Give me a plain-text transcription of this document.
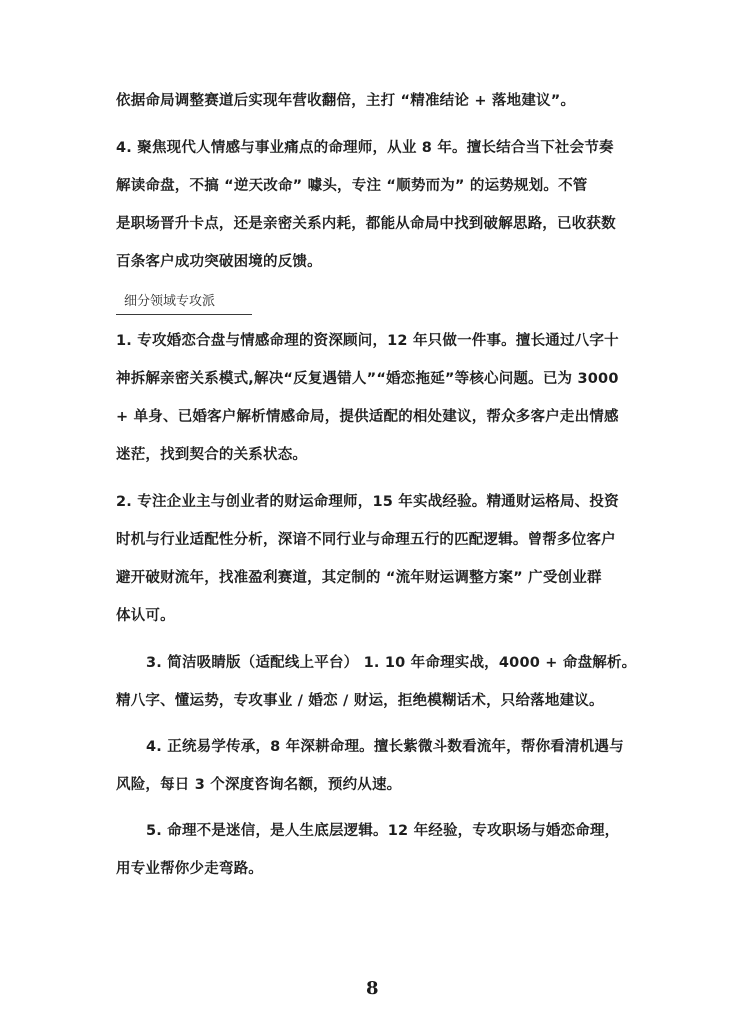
依据命局调整赛道后实现年营收翻倍，主打 “精准结论 + 落地建议”。
4. 聚焦现代人情感与事业痛点的命理师，从业 8 年。擅长结合当下社会节奏
解读命盘，不搞 “逆天改命” 噱头，专注 “顺势而为” 的运势规划。不管
是职场晋升卡点，还是亲密关系内耗，都能从命局中找到破解思路，已收获数
百条客户成功突破困境的反馈。
细分领域专攻派
1. 专攻婚恋合盘与情感命理的资深顾问，12 年只做一件事。擅长通过八字十
神拆解亲密关系模式,解决“反复遇错人”“婚恋拖延”等核心问题。已为 3000
+ 单身、已婚客户解析情感命局，提供适配的相处建议，帮众多客户走出情感
迷茫，找到契合的关系状态。
2. 专注企业主与创业者的财运命理师，15 年实战经验。精通财运格局、投资
时机与行业适配性分析，深谙不同行业与命理五行的匹配逻辑。曾帮多位客户
避开破财流年，找准盈利赛道，其定制的 “流年财运调整方案” 广受创业群
体认可。
3. 简洁吸睛版（适配线上平台） 1. 10 年命理实战，4000 + 命盘解析。
精八字、懂运势，专攻事业 / 婚恋 / 财运，拒绝模糊话术，只给落地建议。
4. 正统易学传承，8 年深耕命理。擅长紫微斗数看流年，帮你看清机遇与
风险，每日 3 个深度咨询名额，预约从速。
5. 命理不是迷信，是人生底层逻辑。12 年经验，专攻职场与婚恋命理，
用专业帮你少走弯路。
8
